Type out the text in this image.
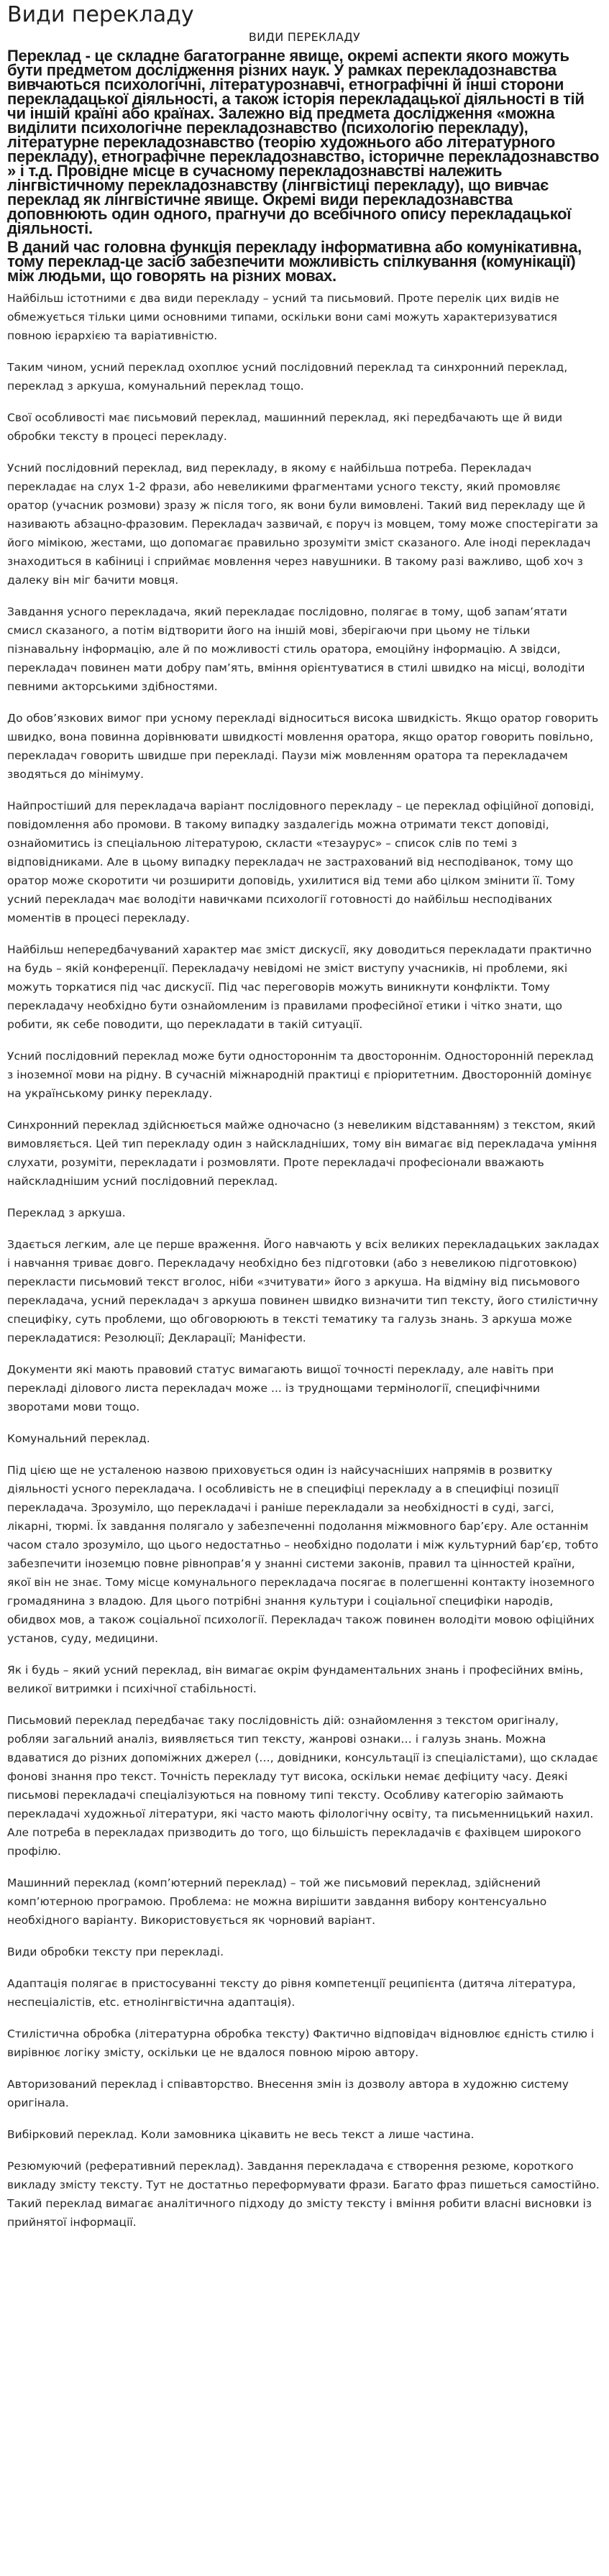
Види перекладу
ВИДИ ПЕРЕКЛАДУ
Переклад - це складне багатогранне явище, окремі аспекти якого можуть бути предметом дослідження різних наук. У рамках перекладознавства вивчаються психологічні, літературознавчі, етнографічні й інші сторони перекладацької діяльності, а також історія перекладацької діяльності в тій чи іншій країні або країнах. Залежно від предмета дослідження «можна виділити психологічне перекладознавство (психологію перекладу), літературне перекладознавство (теорію художнього або літературного перекладу), етнографічне перекладознавство, історичне перекладознавство » і т.д. Провідне місце в сучасному перекладознавстві належить лінгвістичному перекладознавству (лінгвістиці перекладу), що вивчає переклад як лінгвістичне явище. Окремі види перекладознавства доповнюють один одного, прагнучи до всебічного опису перекладацької діяльності.
В даний час головна функція перекладу інформативна або комунікативна, тому переклад-це засіб забезпечити можливість спілкування (комунікації) між людьми, що говорять на різних мовах.

Найбільш істотними є два види перекладу – усний та письмовий. Проте перелік цих видів не обмежується тільки цими основними типами, оскільки вони самі можуть характеризуватися повною ієрархією та варіативністю.

Таким чином, усний переклад охоплює усний послідовний переклад та синхронний переклад, переклад з аркуша, комунальний переклад тощо.

Свої особливості має письмовий переклад, машинний переклад, які передбачають ще й види обробки тексту в процесі перекладу.

Усний послідовний переклад, вид перекладу, в якому є найбільша потреба. Перекладач перекладає на слух 1-2 фрази, або невеликими фрагментами усного тексту, який промовляє оратор (учасник розмови) зразу ж після того, як вони були вимовлені. Такий вид перекладу ще й називають абзацно-фразовим. Перекладач зазвичай, є поруч із мовцем, тому може спостерігати за його мімікою, жестами, що допомагає правильно зрозуміти зміст сказаного. Але іноді перекладач знаходиться в кабіниці і сприймає мовлення через навушники. В такому разі важливо, щоб хоч з далеку він міг бачити мовця.

Завдання усного перекладача, який перекладає послідовно, полягає в тому, щоб запам’ятати смисл сказаного, а потім відтворити його на іншій мові, зберігаючи при цьому не тільки пізнавальну інформацію, але й по можливості стиль оратора, емоційну інформацію. А звідси, перекладач повинен мати добру пам’ять, вміння орієнтуватися в стилі швидко на місці, володіти певними акторськими здібностями.

До обов’язкових вимог при усному перекладі відноситься висока швидкість. Якщо оратор говорить швидко, вона повинна дорівнювати швидкості мовлення оратора, якщо оратор говорить повільно, перекладач говорить швидше при перекладі. Паузи між мовленням оратора та перекладачем зводяться до мінімуму.

Найпростіший для перекладача варіант послідовного перекладу – це переклад офіційної доповіді, повідомлення або промови. В такому випадку заздалегідь можна отримати текст доповіді, ознайомитись із спеціальною літературою, скласти «тезаурус» – список слів по темі з відповідниками. Але в цьому випадку перекладач не застрахований від несподіванок, тому що оратор може скоротити чи розширити доповідь, ухилитися від теми або цілком змінити її. Тому усний перекладач має володіти навичками психології готовності до найбільш несподіваних моментів в процесі перекладу.

Найбільш непередбачуваний характер має зміст дискусії, яку доводиться перекладати практично на будь – якій конференції. Перекладачу невідомі не зміст виступу учасників, ні проблеми, які можуть торкатися під час дискусії. Під час переговорів можуть виникнути конфлікти. Тому перекладачу необхідно бути ознайомленим із правилами професійної етики і чітко знати, що робити, як себе поводити, що перекладати в такій ситуації.

Усний послідовний переклад може бути одностороннім та двостороннім. Односторонній переклад з іноземної мови на рідну. В сучасній міжнародній практиці є пріоритетним. Двосторонній домінує на українському ринку перекладу.

Синхронний переклад здійснюється майже одночасно (з невеликим відставанням) з текстом, який вимовляється. Цей тип перекладу один з найскладніших, тому він вимагає від перекладача уміння слухати, розуміти, перекладати і розмовляти. Проте перекладачі професіонали вважають найскладнішим усний послідовний переклад.

Переклад з аркуша.

Здається легким, але це перше враження. Його навчають у всіх великих перекладацьких закладах і навчання триває довго. Перекладачу необхідно без підготовки (або з невеликою підготовкою) перекласти письмовий текст вголос, ніби «зчитувати» його з аркуша. На відміну від письмового перекладача, усний перекладач з аркуша повинен швидко визначити тип тексту, його стилістичну специфіку, суть проблеми, що обговорюють в тексті тематику та галузь знань. З аркуша може перекладатися: Резолюції; Декларації; Маніфести.

Документи які мають правовий статус вимагають вищої точності перекладу, але навіть при перекладі ділового листа перекладач може ... із труднощами термінології, специфічними зворотами мови тощо.

Комунальний переклад.

Під цією ще не усталеною назвою приховується один із найсучасніших напрямів в розвитку діяльності усного перекладача. І особливість не в специфіці перекладу а в специфіці позиції перекладача. Зрозуміло, що перекладачі і раніше перекладали за необхідності в суді, загсі, лікарні, тюрмі. Їх завдання полягало у забезпеченні подолання міжмовного бар’єру. Але останнім часом стало зрозуміло, що цього недостатньо – необхідно подолати і між культурний бар’єр, тобто забезпечити іноземцю повне рівноправ’я у знанні системи законів, правил та цінностей країни, якої він не знає. Тому місце комунального перекладача посягає в полегшенні контакту іноземного громадянина з владою. Для цього потрібні знання культури і соціальної специфіки народів, обидвох мов, а також соціальної психології. Перекладач також повинен володіти мовою офіційних установ, суду, медицини.

Як і будь – який усний переклад, він вимагає окрім фундаментальних знань і професійних вмінь, великої витримки і психічної стабільності.

Письмовий переклад передбачає таку послідовність дій: ознайомлення з текстом оригіналу, робляи загальний аналіз, виявляється тип тексту, жанрові ознаки… і галузь знань. Можна вдаватися до різних допоміжних джерел (…, довідники, консультації із спеціалістами), що складає фонові знання про текст. Точність перекладу тут висока, оскільки немає дефіциту часу. Деякі письмові перекладачі спеціалізуються на повному типі тексту. Особливу категорію займають перекладачі художньої літератури, які часто мають філологічну освіту, та письменницький нахил. Але потреба в перекладах призводить до того, що більшість перекладачів є фахівцем широкого профілю.

Машинний переклад (комп’ютерний переклад) – той же письмовий переклад, здійснений комп’ютерною програмою. Проблема: не можна вирішити завдання вибору контенсуально необхідного варіанту. Використовується як чорновий варіант.

Види обробки тексту при перекладі.

Адаптація полягає в пристосуванні тексту до рівня компетенції реципієнта (дитяча література, неспеціалістів, etc. етнолінгвістична адаптація).

Стилістична обробка (літературна обробка тексту) Фактично відповідач відновлює єдність стилю і вирівнює логіку змісту, оскільки це не вдалося повною мірою автору.

Авторизований переклад і співавторство. Внесення змін із дозволу автора в художню систему оригінала.

Вибірковий переклад. Коли замовника цікавить не весь текст а лише частина.

Резюмуючий (реферативний переклад). Завдання перекладача є створення резюме, короткого викладу змісту тексту. Тут не достатньо переформувати фрази. Багато фраз пишеться самостійно. Такий переклад вимагає аналітичного підходу до змісту тексту і вміння робити власні висновки із прийнятої інформації.
